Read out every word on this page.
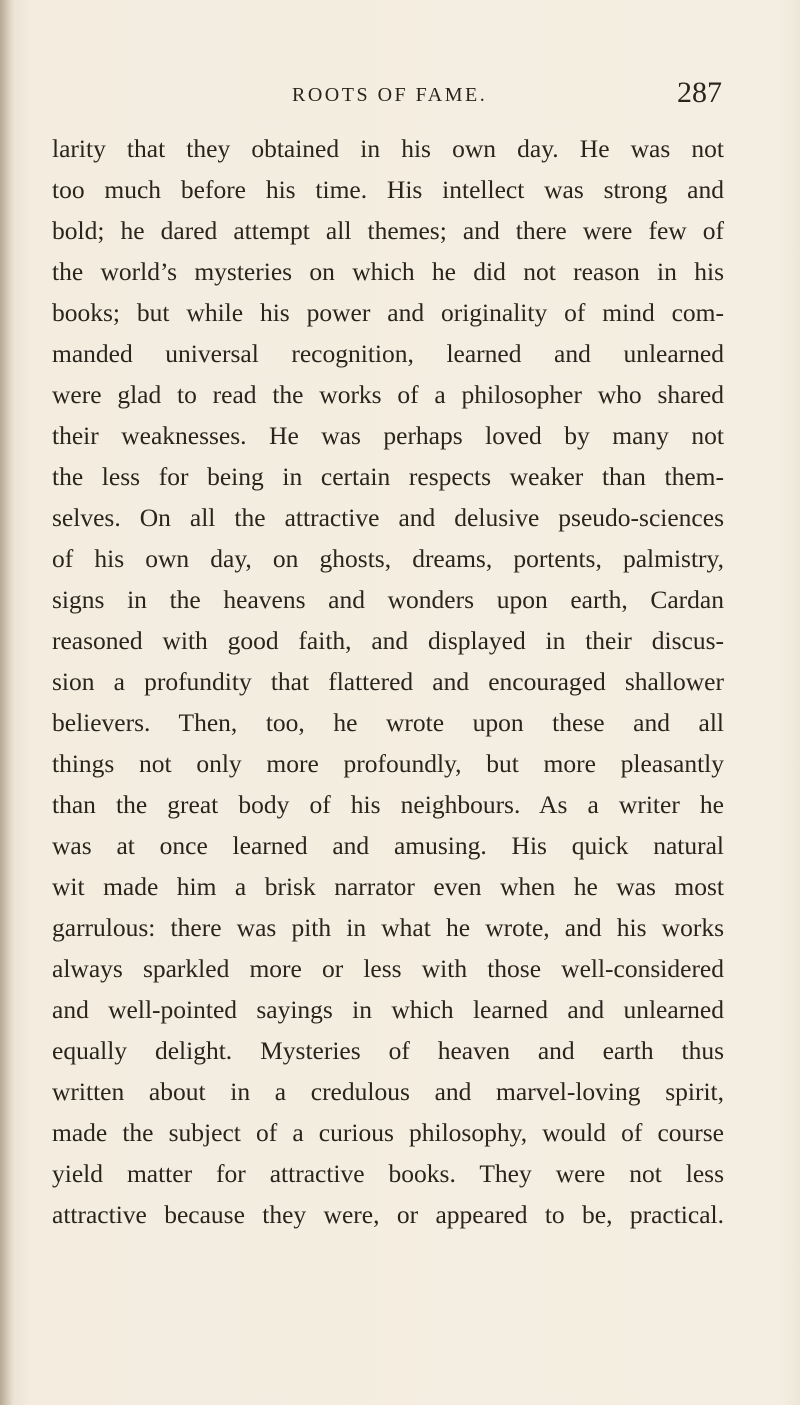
ROOTS OF FAME.	287
larity that they obtained in his own day. He was not
too much before his time. His intellect was strong and
bold; he dared attempt all themes; and there were few of
the world’s mysteries on which he did not reason in his
books; but while his power and originality of mind com-
manded universal recognition, learned and unlearned
were glad to read the works of a philosopher who shared
their weaknesses. He was perhaps loved by many not
the less for being in certain respects weaker than them-
selves. On all the attractive and delusive pseudo-sciences
of his own day, on ghosts, dreams, portents, palmistry,
signs in the heavens and wonders upon earth, Cardan
reasoned with good faith, and displayed in their discus-
sion a profundity that flattered and encouraged shallower
believers. Then, too, he wrote upon these and all
things not only more profoundly, but more pleasantly
than the great body of his neighbours. As a writer he
was at once learned and amusing. His quick natural
wit made him a brisk narrator even when he was most
garrulous: there was pith in what he wrote, and his works
always sparkled more or less with those well-considered
and well-pointed sayings in which learned and unlearned
equally delight. Mysteries of heaven and earth thus
written about in a credulous and marvel-loving spirit,
made the subject of a curious philosophy, would of course
yield matter for attractive books. They were not less
attractive because they were, or appeared to be, practical.
